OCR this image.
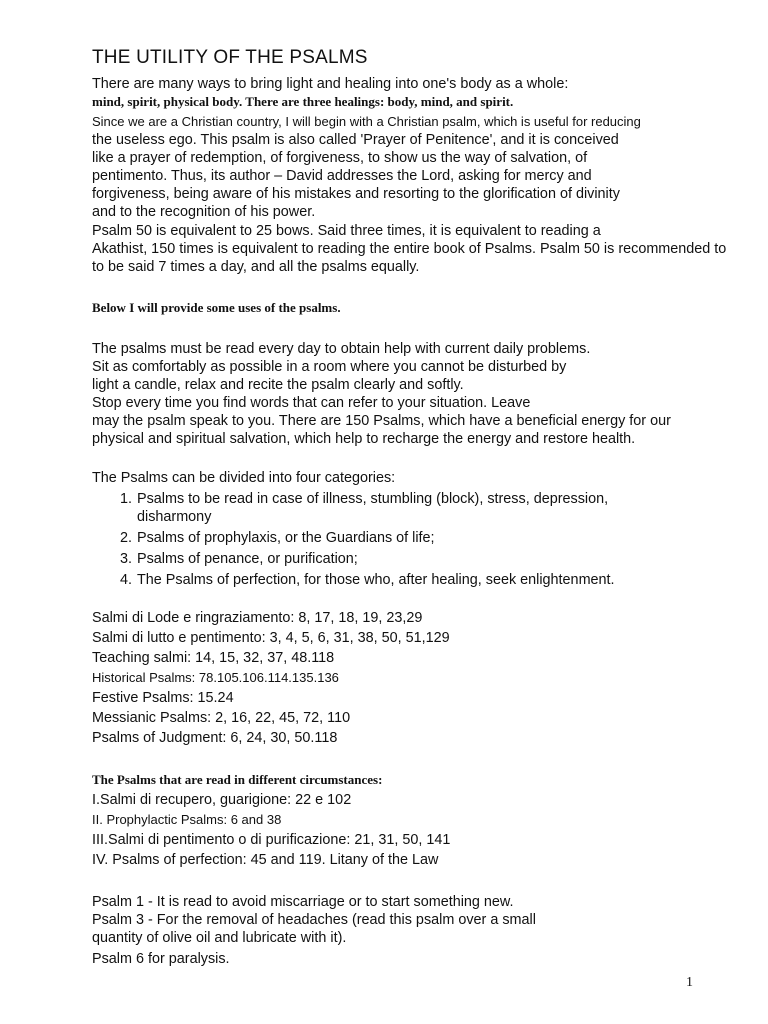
THE UTILITY OF THE PSALMS
There are many ways to bring light and healing into one's body as a whole:
mind, spirit, physical body. There are three healings: body, mind, and spirit.
Since we are a Christian country, I will begin with a Christian psalm, which is useful for reducing
the useless ego. This psalm is also called 'Prayer of Penitence', and it is conceived
like a prayer of redemption, of forgiveness, to show us the way of salvation, of
pentimento. Thus, its author – David addresses the Lord, asking for mercy and
forgiveness, being aware of his mistakes and resorting to the glorification of divinity
and to the recognition of his power.
Psalm 50 is equivalent to 25 bows. Said three times, it is equivalent to reading a
Akathist, 150 times is equivalent to reading the entire book of Psalms. Psalm 50 is recommended to
to be said 7 times a day, and all the psalms equally.
Below I will provide some uses of the psalms.
The psalms must be read every day to obtain help with current daily problems.
Sit as comfortably as possible in a room where you cannot be disturbed by
light a candle, relax and recite the psalm clearly and softly.
Stop every time you find words that can refer to your situation. Leave
may the psalm speak to you. There are 150 Psalms, which have a beneficial energy for our
physical and spiritual salvation, which help to recharge the energy and restore health.
The Psalms can be divided into four categories:
1. Psalms to be read in case of illness, stumbling (block), stress, depression,
disharmony
2. Psalms of prophylaxis, or the Guardians of life;
3. Psalms of penance, or purification;
4. The Psalms of perfection, for those who, after healing, seek enlightenment.
Salmi di Lode e ringraziamento: 8, 17, 18, 19, 23,29
Salmi di lutto e pentimento: 3, 4, 5, 6, 31, 38, 50, 51,129
Teaching salmi: 14, 15, 32, 37, 48.118
Historical Psalms: 78.105.106.114.135.136
Festive Psalms: 15.24
Messianic Psalms: 2, 16, 22, 45, 72, 110
Psalms of Judgment: 6, 24, 30, 50.118
The Psalms that are read in different circumstances:
I.Salmi di recupero, guarigione: 22 e 102
II. Prophylactic Psalms: 6 and 38
III.Salmi di pentimento o di purificazione: 21, 31, 50, 141
IV. Psalms of perfection: 45 and 119. Litany of the Law
Psalm 1 - It is read to avoid miscarriage or to start something new.
Psalm 3 - For the removal of headaches (read this psalm over a small
quantity of olive oil and lubricate with it).
Psalm 6 for paralysis.
1
